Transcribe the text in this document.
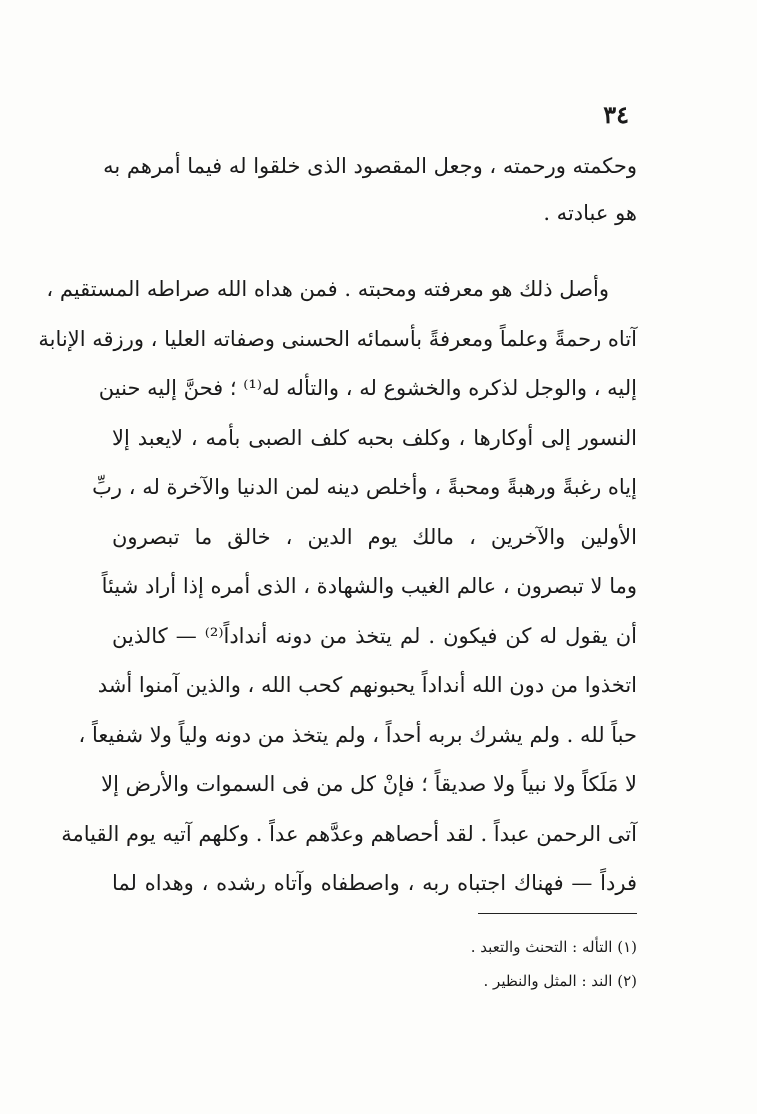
٣٤
وحكمته ورحمته ، وجعل المقصود الذى خلقوا له فيما أمرهم به
هو عبادته .
وأصل ذلك هو معرفته ومحبته . فمن هداه الله صراطه المستقيم ،
آتاه رحمةً وعلماً ومعرفةً بأسمائه الحسنى وصفاته العليا ، ورزقه الإنابة
إليه ، والوجل لذكره والخشوع له ، والتأله له⁽¹⁾ ؛ فحنَّ إليه حنين
النسور إلى أوكارها ، وكلف بحبه كلف الصبى بأمه ، لايعبد إلا
إياه رغبةً ورهبةً ومحبةً ، وأخلص دينه لمن الدنيا والآخرة له ، ربِّ
الأولين والآخرين ، مالك يوم الدين ، خالق ما تبصرون
وما لا تبصرون ، عالم الغيب والشهادة ، الذى أمره إذا أراد شيئاً
أن يقول له كن فيكون . لم يتخذ من دونه أنداداً⁽²⁾ — كالذين
اتخذوا من دون الله أنداداً يحبونهم كحب الله ، والذين آمنوا أشد
حباً لله . ولم يشرك بربه أحداً ، ولم يتخذ من دونه ولياً ولا شفيعاً ،
لا مَلَكاً ولا نبياً ولا صديقاً ؛ فإنْ كل من فى السموات والأرض إلا
آتى الرحمن عبداً . لقد أحصاهم وعدَّهم عداً . وكلهم آتيه يوم القيامة
فرداً — فهناك اجتباه ربه ، واصطفاه وآتاه رشده ، وهداه لما
(١) التأله : التحنث والتعبد .
(٢) الند : المثل والنظير .
